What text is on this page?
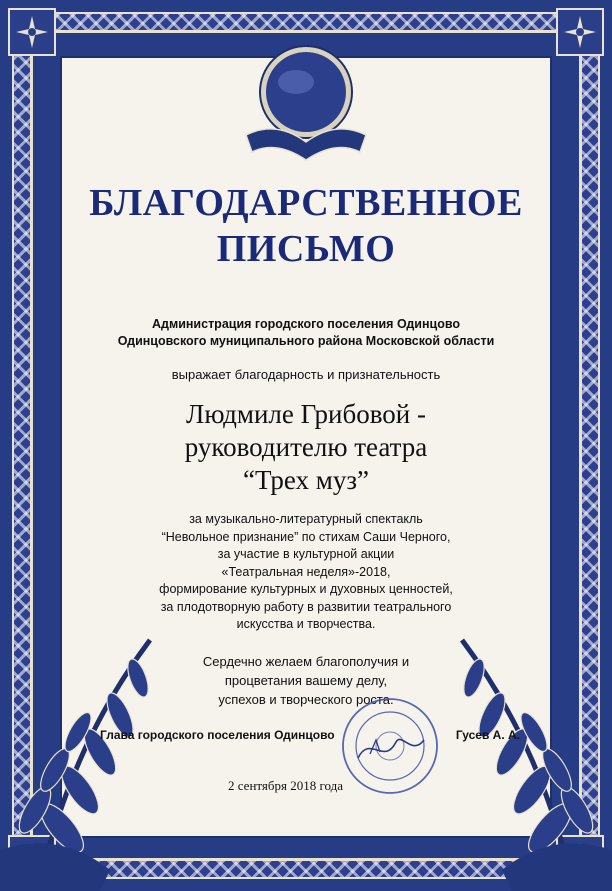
БЛАГОДАРСТВЕННОЕ
ПИСЬМО
Администрация городского поселения Одинцово
Одинцовского муниципального района Московской области
выражает благодарность и признательность
Людмиле Грибовой -
руководителю театра
“Трех муз”
за музыкально-литературный спектакль
“Невольное признание” по стихам Саши Черного,
за участие в культурной акции
«Театральная неделя»-2018,
формирование культурных и духовных ценностей,
за плодотворную работу в развитии театрального
искусства и творчества.
Сердечно желаем благополучия и
процветания вашему делу,
успехов и творческого роста.
Глава городского поселения Одинцово	Гусев А. А.
2 сентября 2018 года
